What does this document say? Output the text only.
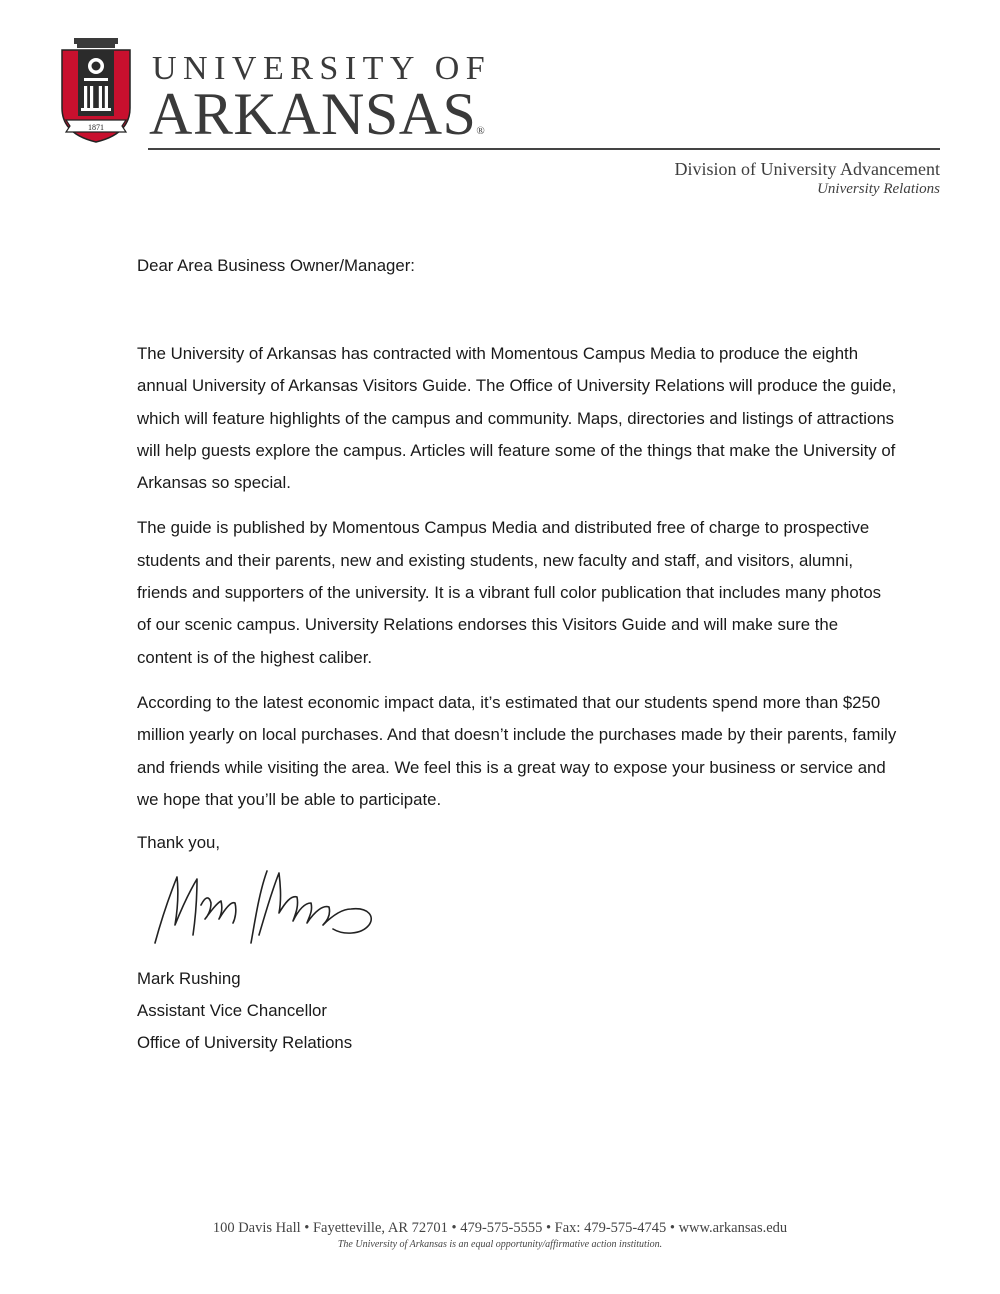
1871
UNIVERSITY OF
ARKANSAS®
Division of University Advancement
University Relations

Dear Area Business Owner/Manager:

The University of Arkansas has contracted with Momentous Campus Media to produce the eighth annual University of Arkansas Visitors Guide. The Office of University Relations will produce the guide, which will feature highlights of the campus and community. Maps, directories and listings of attractions will help guests explore the campus. Articles will feature some of the things that make the University of Arkansas so special.

The guide is published by Momentous Campus Media and distributed free of charge to prospective students and their parents, new and existing students, new faculty and staff, and visitors, alumni, friends and supporters of the university. It is a vibrant full color publication that includes many photos of our scenic campus. University Relations endorses this Visitors Guide and will make sure the content is of the highest caliber.

According to the latest economic impact data, it’s estimated that our students spend more than $250 million yearly on local purchases. And that doesn’t include the purchases made by their parents, family and friends while visiting the area. We feel this is a great way to expose your business or service and we hope that you’ll be able to participate.

Thank you,

Mark Rushing
Assistant Vice Chancellor
Office of University Relations
100 Davis Hall • Fayetteville, AR 72701 • 479-575-5555 • Fax: 479-575-4745 • www.arkansas.edu
The University of Arkansas is an equal opportunity/affirmative action institution.
